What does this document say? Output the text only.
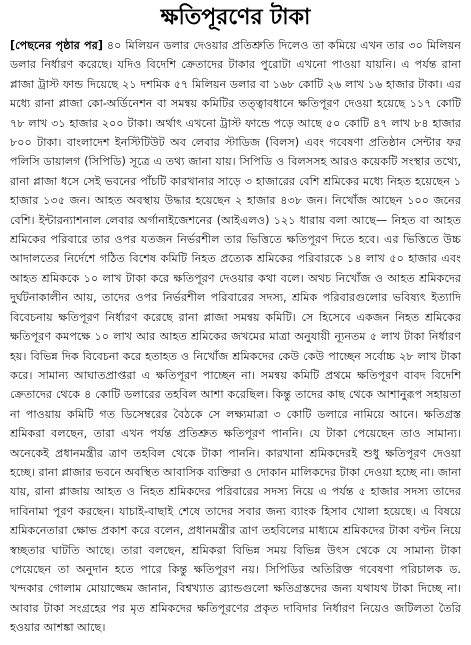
ক্ষতিপূরণের টাকা

[পেছনের পৃষ্ঠার পর] ৪০ মিলিয়ন ডলার দেওয়ার প্রতিশ্রুতি দিলেও তা কমিয়ে এখন তার ৩০ মিলিয়ন ডলার নির্ধারণ করেছে। যদিও বিদেশি ক্রেতাদের টাকার পুরোটা এখনো পাওয়া যায়নি। এ পর্যন্ত রানা প্লাজা ট্রাস্ট ফান্ড দিয়েছে ২১ দশমিক ৫৭ মিলিয়ন ডলার বা ১৬৮ কোটি ২৬ লাখ ১৬ হাজার টাকা। এর মধ্যে রানা প্লাজা কো-অর্ডিনেশন বা সমন্বয় কমিটির তত্ত্বাবধানে ক্ষতিপূরণ দেওয়া হয়েছে ১১৭ কোটি ৭৮ লাখ ৩১ হাজার ২০০ টাকা। অর্থাৎ এখনো ট্রাস্ট ফান্ডে পড়ে আছে ৫০ কোটি ৪৭ লাখ ৮৪ হাজার ৮০০ টাকা। বাংলাদেশ ইনস্টিটিউট অব লেবার স্টাডিজ (বিলস) এবং গবেষণা প্রতিষ্ঠান সেন্টার ফর পলিসি ডায়ালগ (সিপিডি) সূত্রে এ তথ্য জানা যায়। সিপিডি ও বিলসসহ আরও কয়েকটি সংস্থার তথ্যে, রানা প্লাজা ধসে সেই ভবনের পাঁচটি কারখানার সাড়ে ৩ হাজারের বেশি শ্রমিকের মধ্যে নিহত হয়েছেন ১ হাজার ১৩৫ জন। আহত অবস্থায় উদ্ধার হয়েছেন ২ হাজার ৪৩৮ জন। নিখোঁজ আছেন ১০০ জনের বেশি। ইন্টারন্যাশনাল লেবার অর্গানাইজেশনের (আইএলও) ১২১ ধারায় বলা আছে— নিহত বা আহত শ্রমিকের পরিবারে তার ওপর যতজন নির্ভরশীল তার ভিত্তিতে ক্ষতিপূরণ দিতে হবে। এর ভিত্তিতে উচ্চ আদালতের নির্দেশে গঠিত বিশেষ কমিটি নিহত প্রত্যেক শ্রমিকের পরিবারকে ১৪ লাখ ৫০ হাজার এবং আহত শ্রমিককে ১০ লাখ টাকা করে ক্ষতিপূরণ দেওয়ার কথা বলে। অথচ নিখোঁজ ও আহত শ্রমিকদের দুর্ঘটনাকালীন আয়, তাদের ওপর নির্ভরশীল পরিবারের সদস্য, শ্রমিক পরিবারগুলোর ভবিষ্যৎ ইত্যাদি বিবেচনায় ক্ষতিপূরণ নির্ধারণ করেছে রানা প্লাজা সমন্বয় কমিটি। সে হিসেবে একজন নিহত শ্রমিকের ক্ষতিপূরণ কমপক্ষে ১০ লাখ আর আহত শ্রমিকের জখমের মাত্রা অনুযায়ী ন্যূনতম ৫ লাখ টাকা নির্ধারণ হয়। বিভিন্ন দিক বিবেচনা করে হতাহত ও নিখোঁজ শ্রমিকদের কেউ কেউ পাচ্ছেন সর্বোচ্চ ২৮ লাখ টাকা করে। সামান্য আঘাতপ্রাপ্তরা এ ক্ষতিপূরণ পাচ্ছেন না। সমন্বয় কমিটি প্রথমে ক্ষতিপূরণ বাবদ বিদেশি ক্রেতাদের থেকে ৪ কোটি ডলারের তহবিল আশা করেছিল। কিন্তু তাদের কাছ থেকে আশানুরূপ সহায়তা না পাওয়ায় কমিটি গত ডিসেম্বরের বৈঠকে সে লক্ষ্যমাত্রা ৩ কোটি ডলারে নামিয়ে আনে। ক্ষতিগ্রস্ত শ্রমিকরা বলছেন, তারা এখন পর্যন্ত প্রতিশ্রুত ক্ষতিপূরণ পাননি। যে টাকা পেয়েছেন তাও সামান্য। অনেকেই প্রধানমন্ত্রীর ত্রাণ তহবিল থেকে টাকা পাননি। কারখানা শ্রমিকদেরই শুধু ক্ষতিপূরণ দেওয়া হচ্ছে। রানা প্লাজার ভবনে অবস্থিত আবাসিক ব্যক্তিরা ও দোকান মালিকদের টাকা দেওয়া হচ্ছে না। জানা যায়, রানা প্লাজায় আহত ও নিহত শ্রমিকদের পরিবারের সদস্য নিয়ে এ পর্যন্ত ৫ হাজার সদস্য তাদের দাবিনামা পূরণ করছেন। যাচাই-বাছাই শেষে তাদের সবার জন্য ব্যাংক হিসাব খোলা হয়েছে। এ বিষয়ে শ্রমিকনেতারা ক্ষোভ প্রকাশ করে বলেন, প্রধানমন্ত্রীর ত্রাণ তহবিলের মাধ্যমে শ্রমিকদের টাকা বণ্টন নিয়ে স্বচ্ছতার ঘাটতি আছে। তারা বলছেন, শ্রমিকরা বিভিন্ন সময় বিভিন্ন উৎস থেকে যে সামান্য টাকা পেয়েছেন তা অনুদান হতে পারে কিন্তু ক্ষতিপূরণ নয়। সিপিডির অতিরিক্ত গবেষণা পরিচালক ড. খন্দকার গোলাম মোয়াজ্জেম জানান, বিশ্বখ্যাত ব্র্যান্ডগুলো ক্ষতিগ্রস্তদের জন্য যথাযথ টাকা দিচ্ছে না। আবার টাকা সংগ্রহের পর মৃত শ্রমিকদের ক্ষতিপূরণের প্রকৃত দাবিদার নির্ধারণ নিয়েও জটিলতা তৈরি হওয়ার আশঙ্কা আছে।
